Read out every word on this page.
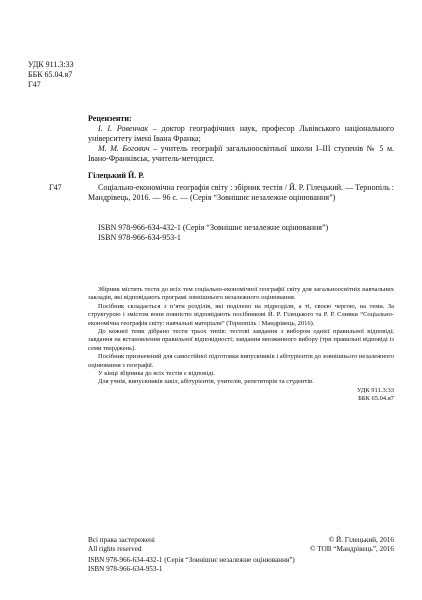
УДК 911.3:33
ББК 65.04.я7
Г47
Рецензенти:
І. І. Ровенчак – доктор географічних наук, професор Львівського національного університету імені Івана Франка;
М. М. Богович – учитель географії загальноосвітньої школи І–ІІІ ступенів № 5 м. Івано-Франківськ, учитель-методист.
Гілецький Й. Р.
Г47	Соціально-економічна географія світу : збірник тестів / Й. Р. Гілецький. — Тернопіль : Мандрівець, 2016. — 96 с. — (Серія “Зовнішнє незалежне оцінювання”)
ISBN 978-966-634-432-1 (Серія “Зовнішнє незалежне оцінювання”)
ISBN 978-966-634-953-1

Збірник містить тести до всіх тем соціально-економічної географії світу для загальноосвітніх навчальних закладів, які відповідають програмі зовнішнього незалежного оцінювання.

Посібник складається з п’яти розділів, які поділено на підрозділи, а ті, своєю чергою, на теми. За структурою і змістом вони повністю відповідають посібникові Й. Р. Гілецького та Р. Р. Сливки “Соціально-економічна географія світу: навчальні матеріали” (Тернопіль : Мандрівець, 2016).

До кожної теми дібрано тести трьох типів: тестові завдання з вибором однієї правильної відповіді; завдання на встановлення правильної відповідності; завдання множинного вибору (три правильні відповіді із семи тверджень).

Посібник призначений для самостійної підготовки випускників і абітурієнтів до зовнішнього незалежного оцінювання з географії.

У кінці збірника до всіх тестів є відповіді.

Для учнів, випускників шкіл, абітурієнтів, учителів, репетиторів та студентів.

УДК 911.3:33
ББК 65.04.я7
Всі права застережені
All rights reserved
© Й. Гілецький, 2016
© ТОВ “Мандрівець”, 2016
ISBN 978-966-634-432-1 (Серія “Зовнішнє незалежне оцінювання”)
ISBN 978-966-634-953-1
